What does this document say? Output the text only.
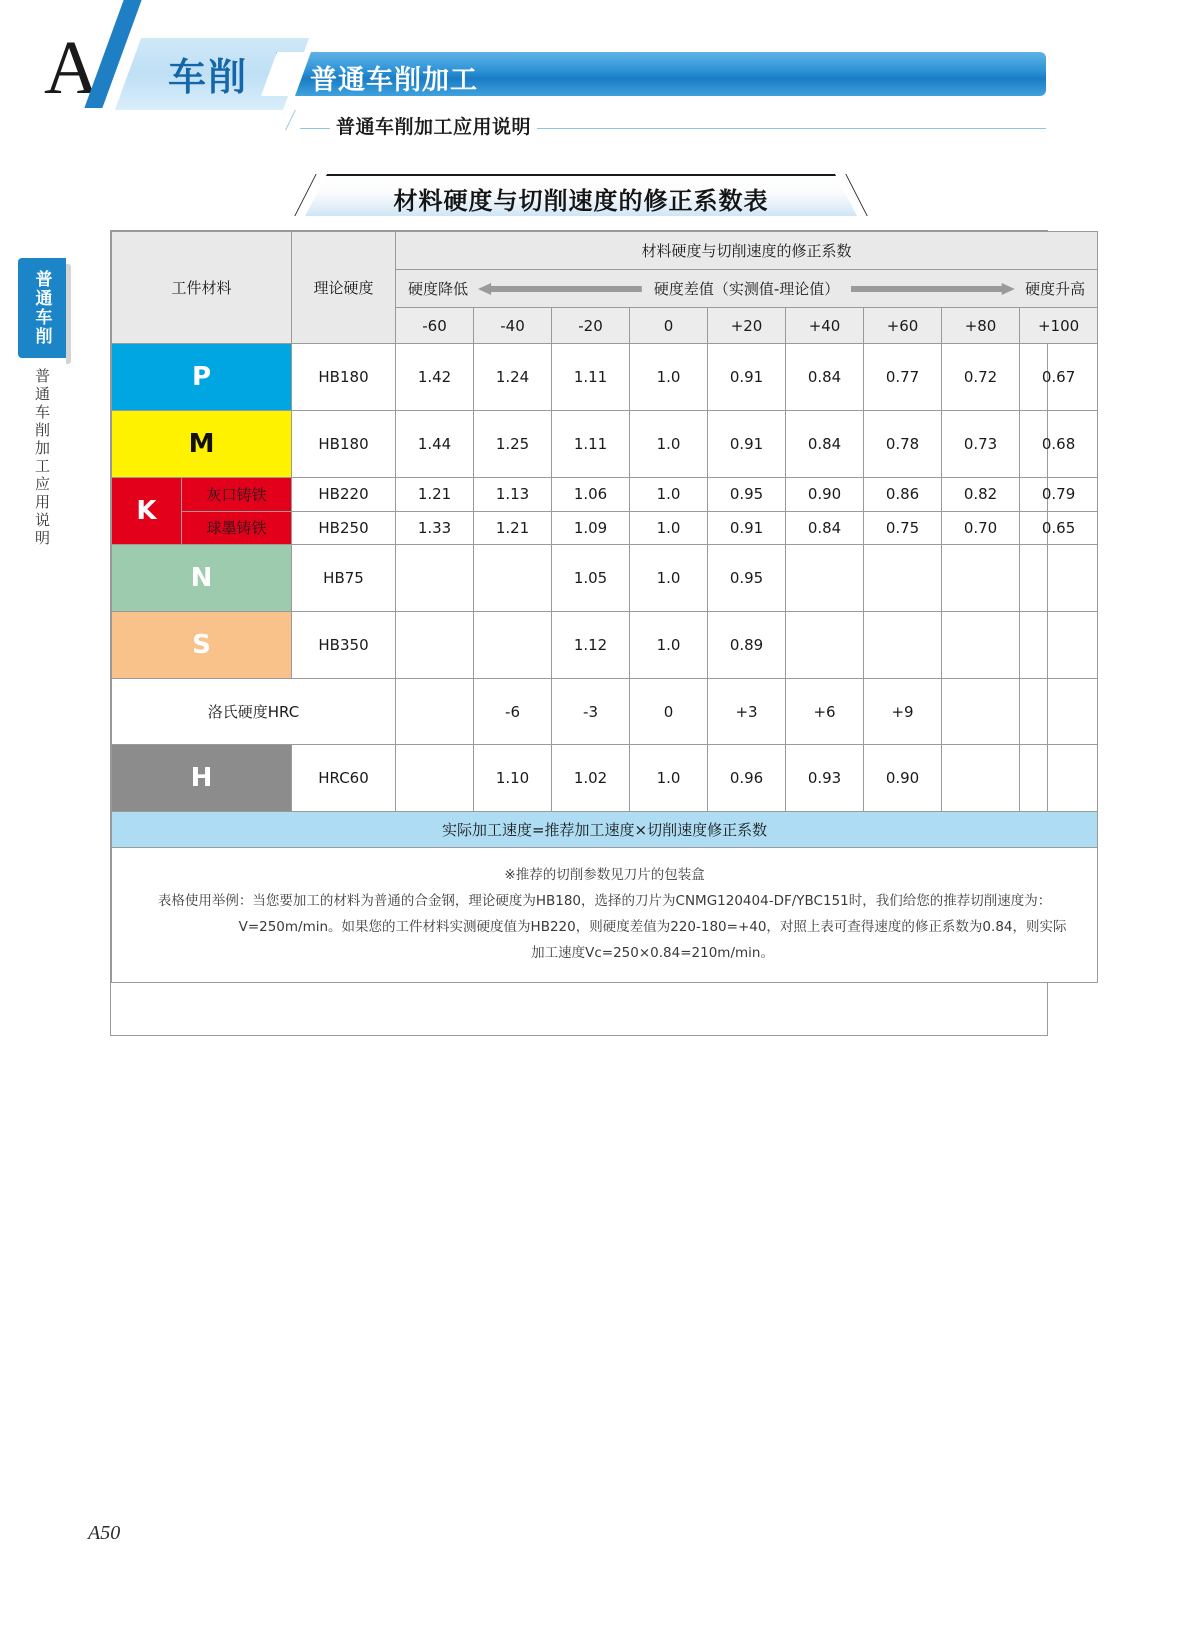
A 车削 普通车削加工
普通车削加工应用说明
普通车削
普通车削加工应用说明
材料硬度与切削速度的修正系数表
工件材料		理论硬度	材料硬度与切削速度的修正系数								

			硬度降低 硬度差值（实测值-理论值） 硬度升高								

			-60	-40	-20	0	+20	+40	+60	+80	+100

P		HB180	1.42	1.24	1.11	1.0	0.91	0.84	0.77	0.72	0.67

M		HB180	1.44	1.25	1.11	1.0	0.91	0.84	0.78	0.73	0.68

K	灰口铸铁	HB220	1.21	1.13	1.06	1.0	0.95	0.90	0.86	0.82	0.79
	球墨铸铁	HB250	1.33	1.21	1.09	1.0	0.91	0.84	0.75	0.70	0.65

N		HB75			1.05	1.0	0.95				

S		HB350			1.12	1.0	0.89				
洛氏硬度HRC				-6	-3	0	+3	+6	+9		

H		HRC60		1.10	1.02	1.0	0.96	0.93	0.90		
实际加工速度=推荐加工速度×切削速度修正系数											

※推荐的切削参数见刀片的包装盒
表格使用举例：当您要加工的材料为普通的合金钢，理论硬度为HB180，选择的刀片为CNMG120404-DF/YBC151时，我们给您的推荐切削速度为：
V=250m/min。如果您的工件材料实测硬度值为HB220，则硬度差值为220-180=+40，对照上表可查得速度的修正系数为0.84，则实际
加工速度Vc=250×0.84=210m/min。											
A50
